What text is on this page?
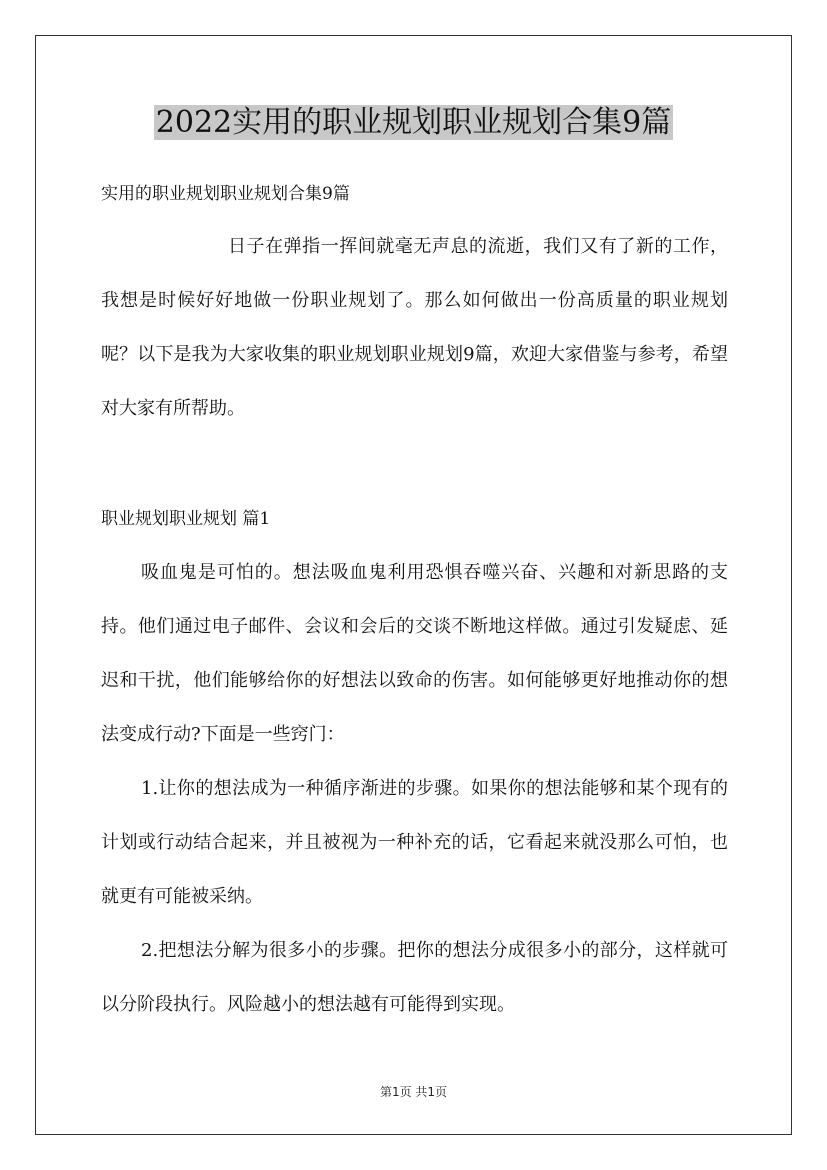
2022实用的职业规划职业规划合集9篇

实用的职业规划职业规划合集9篇

日子在弹指一挥间就毫无声息的流逝，我们又有了新的工作，我想是时候好好地做一份职业规划了。那么如何做出一份高质量的职业规划呢？以下是我为大家收集的职业规划职业规划9篇，欢迎大家借鉴与参考，希望对大家有所帮助。

职业规划职业规划 篇1

吸血鬼是可怕的。想法吸血鬼利用恐惧吞噬兴奋、兴趣和对新思路的支持。他们通过电子邮件、会议和会后的交谈不断地这样做。通过引发疑虑、延迟和干扰，他们能够给你的好想法以致命的伤害。如何能够更好地推动你的想法变成行动?下面是一些窍门：

1.让你的想法成为一种循序渐进的步骤。如果你的想法能够和某个现有的计划或行动结合起来，并且被视为一种补充的话，它看起来就没那么可怕，也就更有可能被采纳。

2.把想法分解为很多小的步骤。把你的想法分成很多小的部分，这样就可以分阶段执行。风险越小的想法越有可能得到实现。

第1页 共1页
